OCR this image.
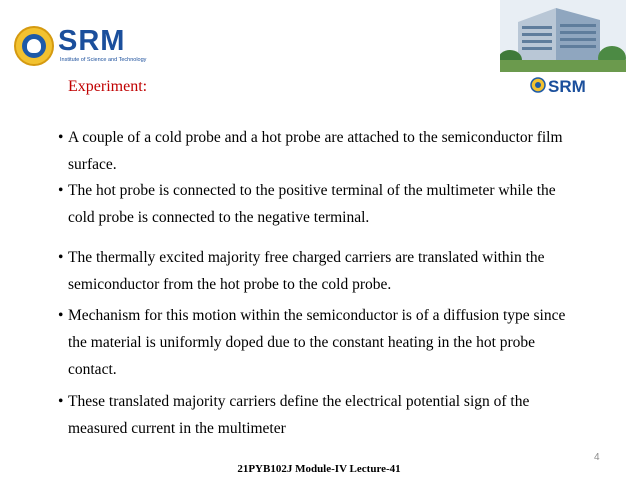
SRM
Institute of Science and Technology
SRM
Experiment:
• A couple of a cold probe and a hot probe are attached to the semiconductor film
surface.
• The hot probe is connected to the positive terminal of the multimeter while the
cold probe is connected to the negative terminal.
• The thermally excited majority free charged carriers are translated within the
semiconductor from the hot probe to the cold probe.
• Mechanism for this motion within the semiconductor is of a diffusion type since
the material is uniformly doped due to the constant heating in the hot probe
contact.
• These translated majority carriers define the electrical potential sign of the
measured current in the multimeter
4
21PYB102J Module-IV Lecture-41
